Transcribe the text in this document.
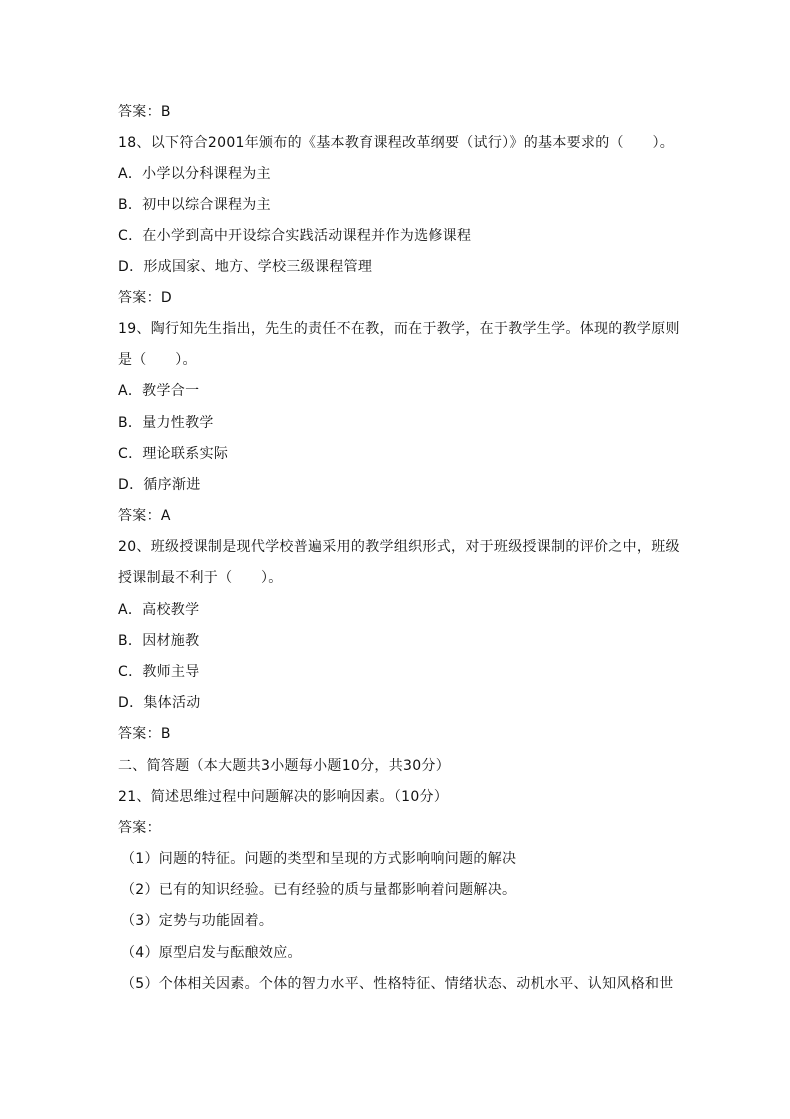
答案：B
18、以下符合2001年颁布的《基本教育课程改革纲要（试行）》的基本要求的（　　）。
A．小学以分科课程为主
B．初中以综合课程为主
C．在小学到高中开设综合实践活动课程并作为选修课程
D．形成国家、地方、学校三级课程管理
答案：D
19、陶行知先生指出，先生的责任不在教，而在于教学，在于教学生学。体现的教学原则
是（　　）。
A．教学合一
B．量力性教学
C．理论联系实际
D．循序渐进
答案：A
20、班级授课制是现代学校普遍采用的教学组织形式，对于班级授课制的评价之中，班级
授课制最不利于（　　）。
A．高校教学
B．因材施教
C．教师主导
D．集体活动
答案：B
二、简答题（本大题共3小题每小题10分，共30分）
21、简述思维过程中问题解决的影响因素。（10分）
答案：
（1）问题的特征。问题的类型和呈现的方式影响响问题的解决
（2）已有的知识经验。已有经验的质与量都影响着问题解决。
（3）定势与功能固着。
（4）原型启发与酝酿效应。
（5）个体相关因素。个体的智力水平、性格特征、情绪状态、动机水平、认知风格和世
